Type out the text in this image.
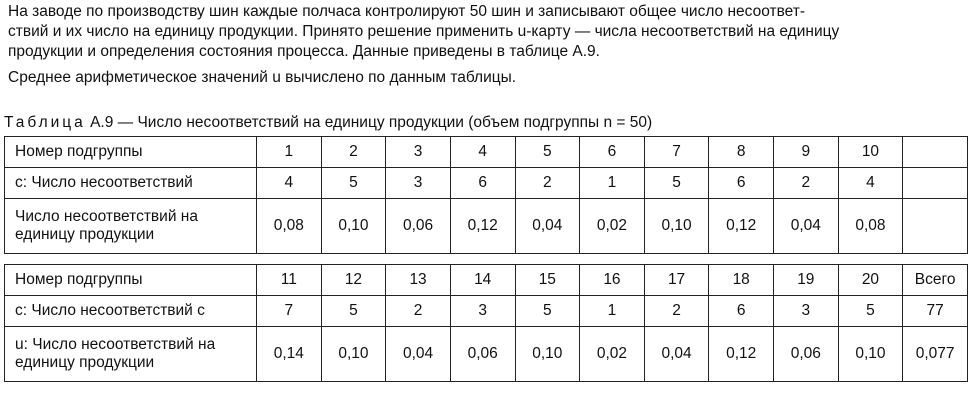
На заводе по производству шин каждые полчаса контролируют 50 шин и записывают общее число несоответ-
ствий и их число на единицу продукции. Принято решение применить u-карту — числа несоответствий на единицу
продукции и определения состояния процесса. Данные приведены в таблице А.9.
Среднее арифметическое значений u вычислено по данным таблицы.
Таблица А.9 — Число несоответствий на единицу продукции (объем подгруппы n = 50)
Номер подгруппы	1	2	3	4	5	6	7	8	9	10	
c: Число несоответствий	4	5	3	6	2	1	5	6	2	4	
Число несоответствий на единицу продукции	0,08	0,10	0,06	0,12	0,04	0,02	0,10	0,12	0,04	0,08	

Номер подгруппы	11	12	13	14	15	16	17	18	19	20	Всего
c: Число несоответствий c	7	5	2	3	5	1	2	6	3	5	77
u: Число несоответствий на единицу продукции	0,14	0,10	0,04	0,06	0,10	0,02	0,04	0,12	0,06	0,10	0,077
